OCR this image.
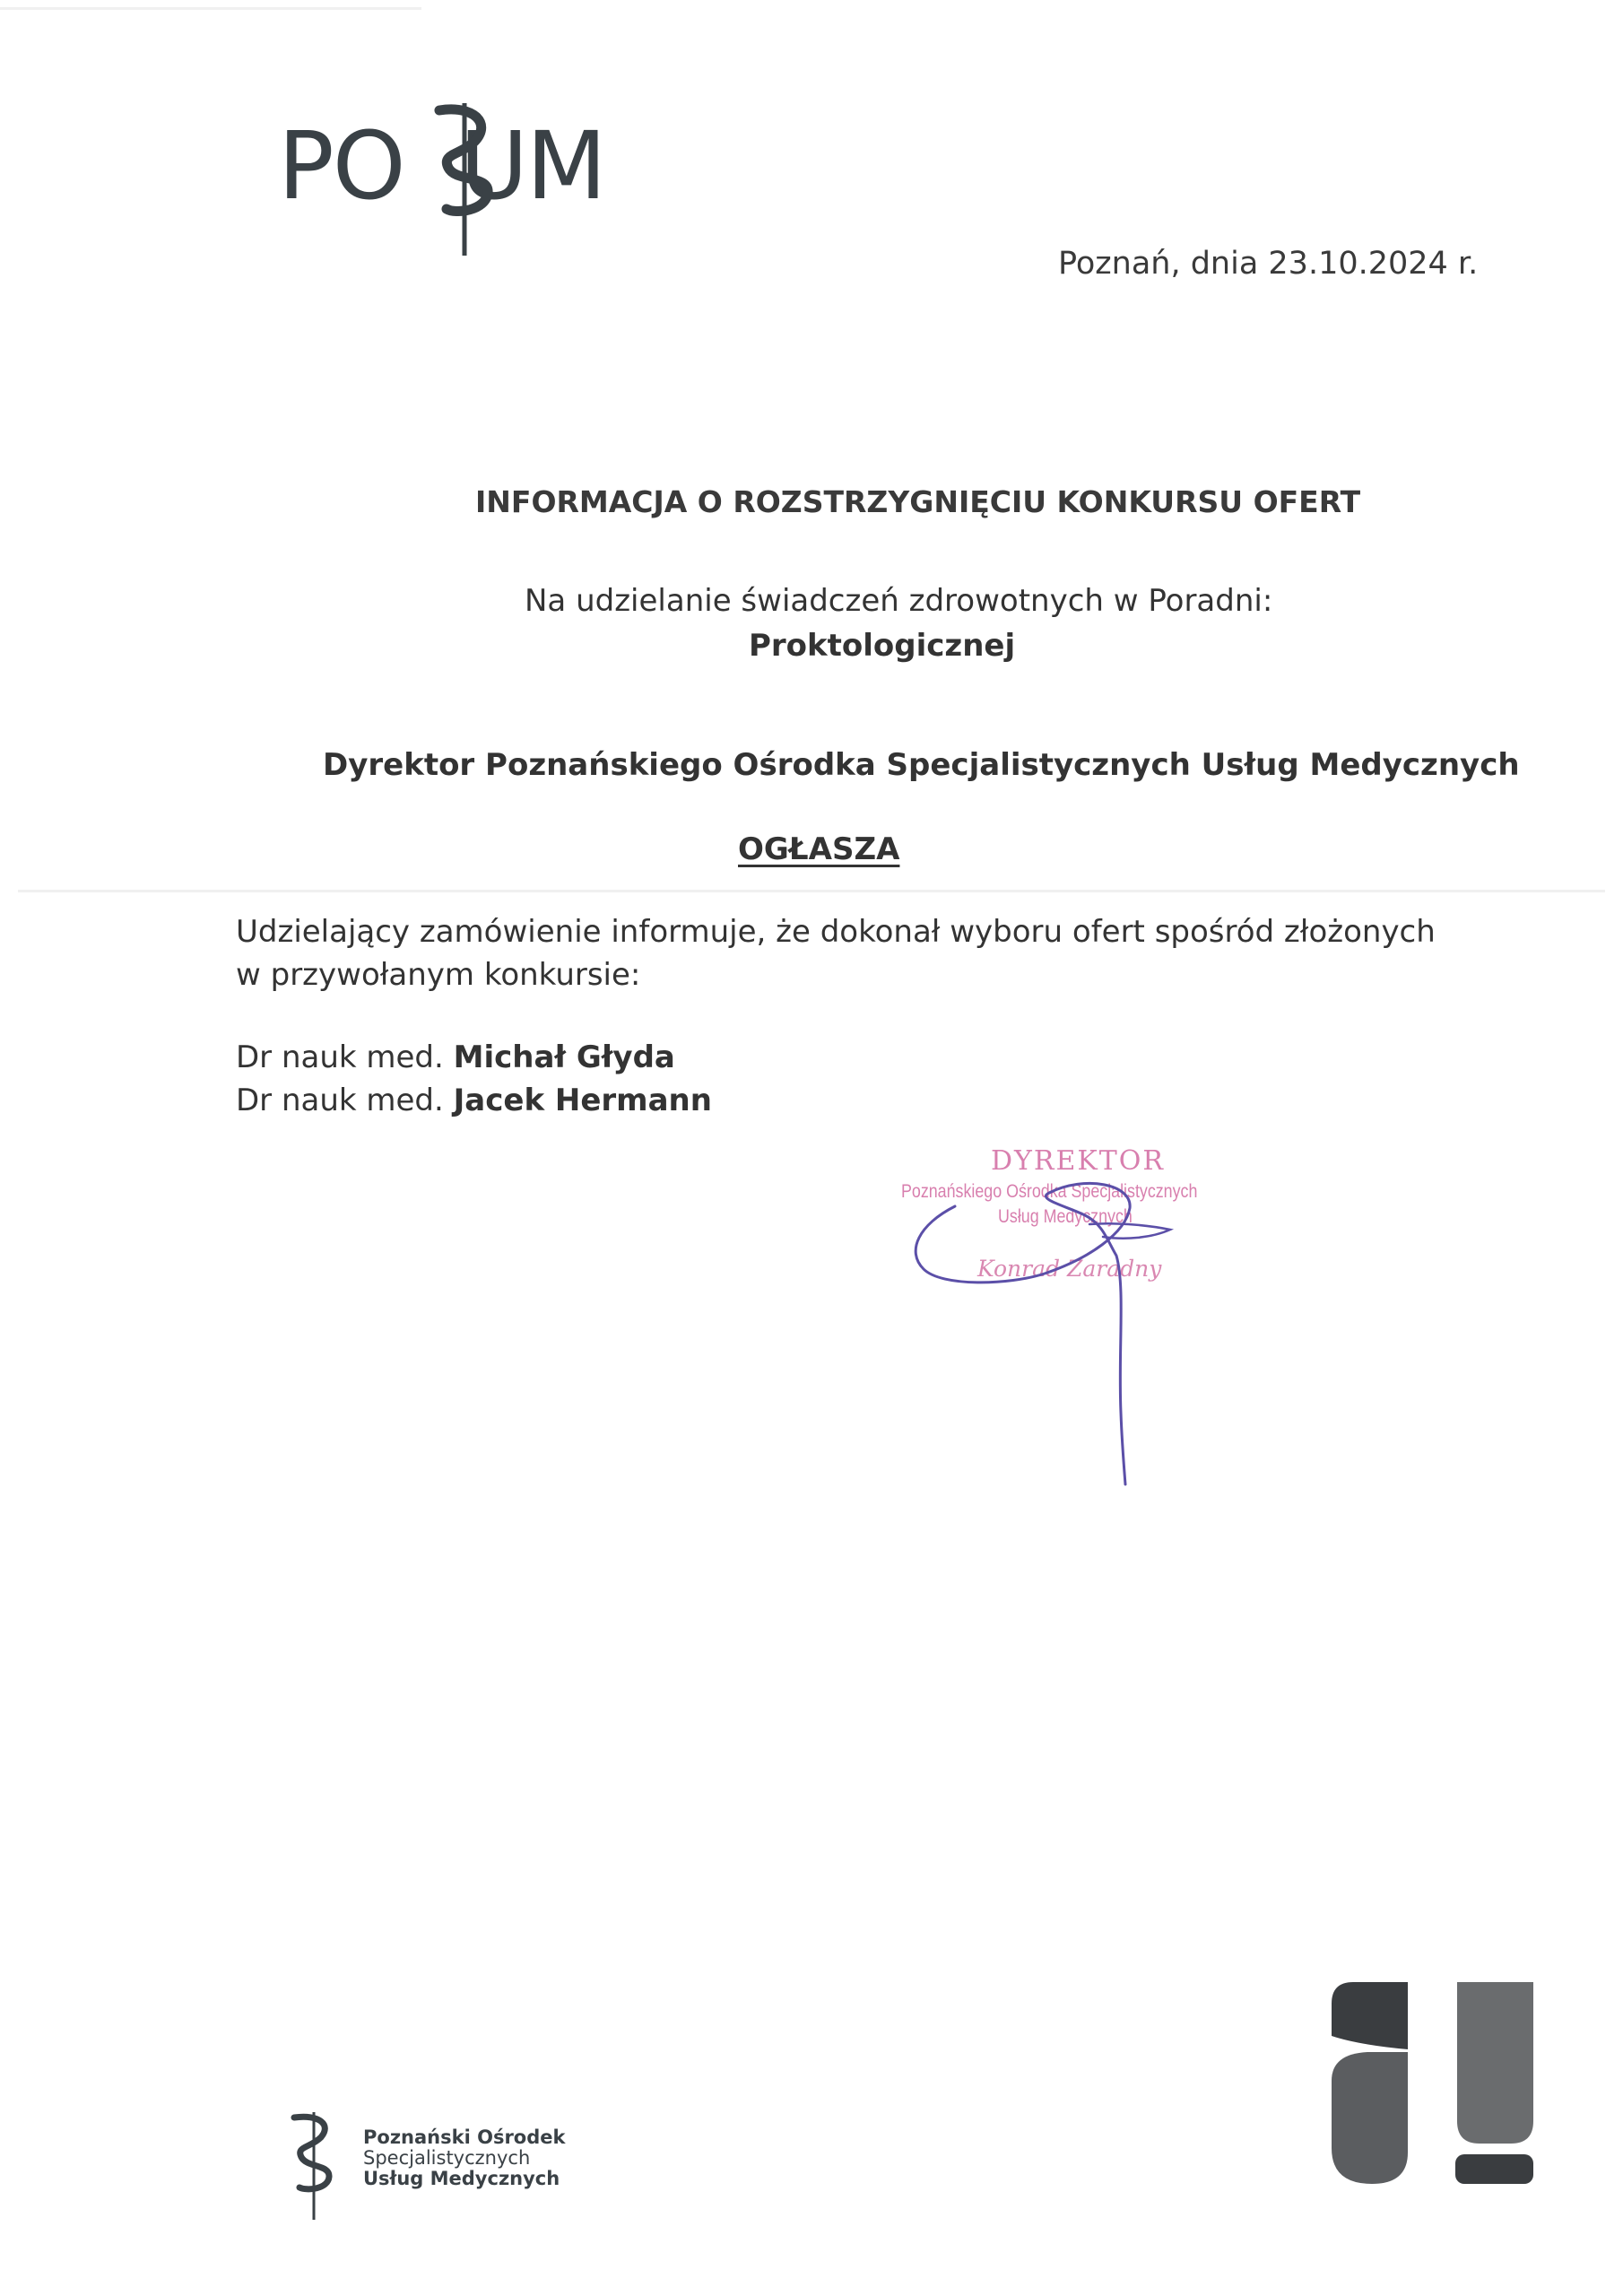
PO  UM
Poznań, dnia 23.10.2024 r.
INFORMACJA O ROZSTRZYGNIĘCIU KONKURSU OFERT
Na udzielanie świadczeń zdrowotnych w Poradni:
Proktologicznej
Dyrektor Poznańskiego Ośrodka Specjalistycznych Usług Medycznych
OGŁASZA
Udzielający zamówienie informuje, że dokonał wyboru ofert spośród złożonych
w przywołanym konkursie:
Dr nauk med. Michał Głyda
Dr nauk med. Jacek Hermann
DYREKTOR
Poznańskiego Ośrodka Specjalistycznych
Usług Medycznych
Konrad Zaradny
Poznański Ośrodek
Specjalistycznych
Usług Medycznych
